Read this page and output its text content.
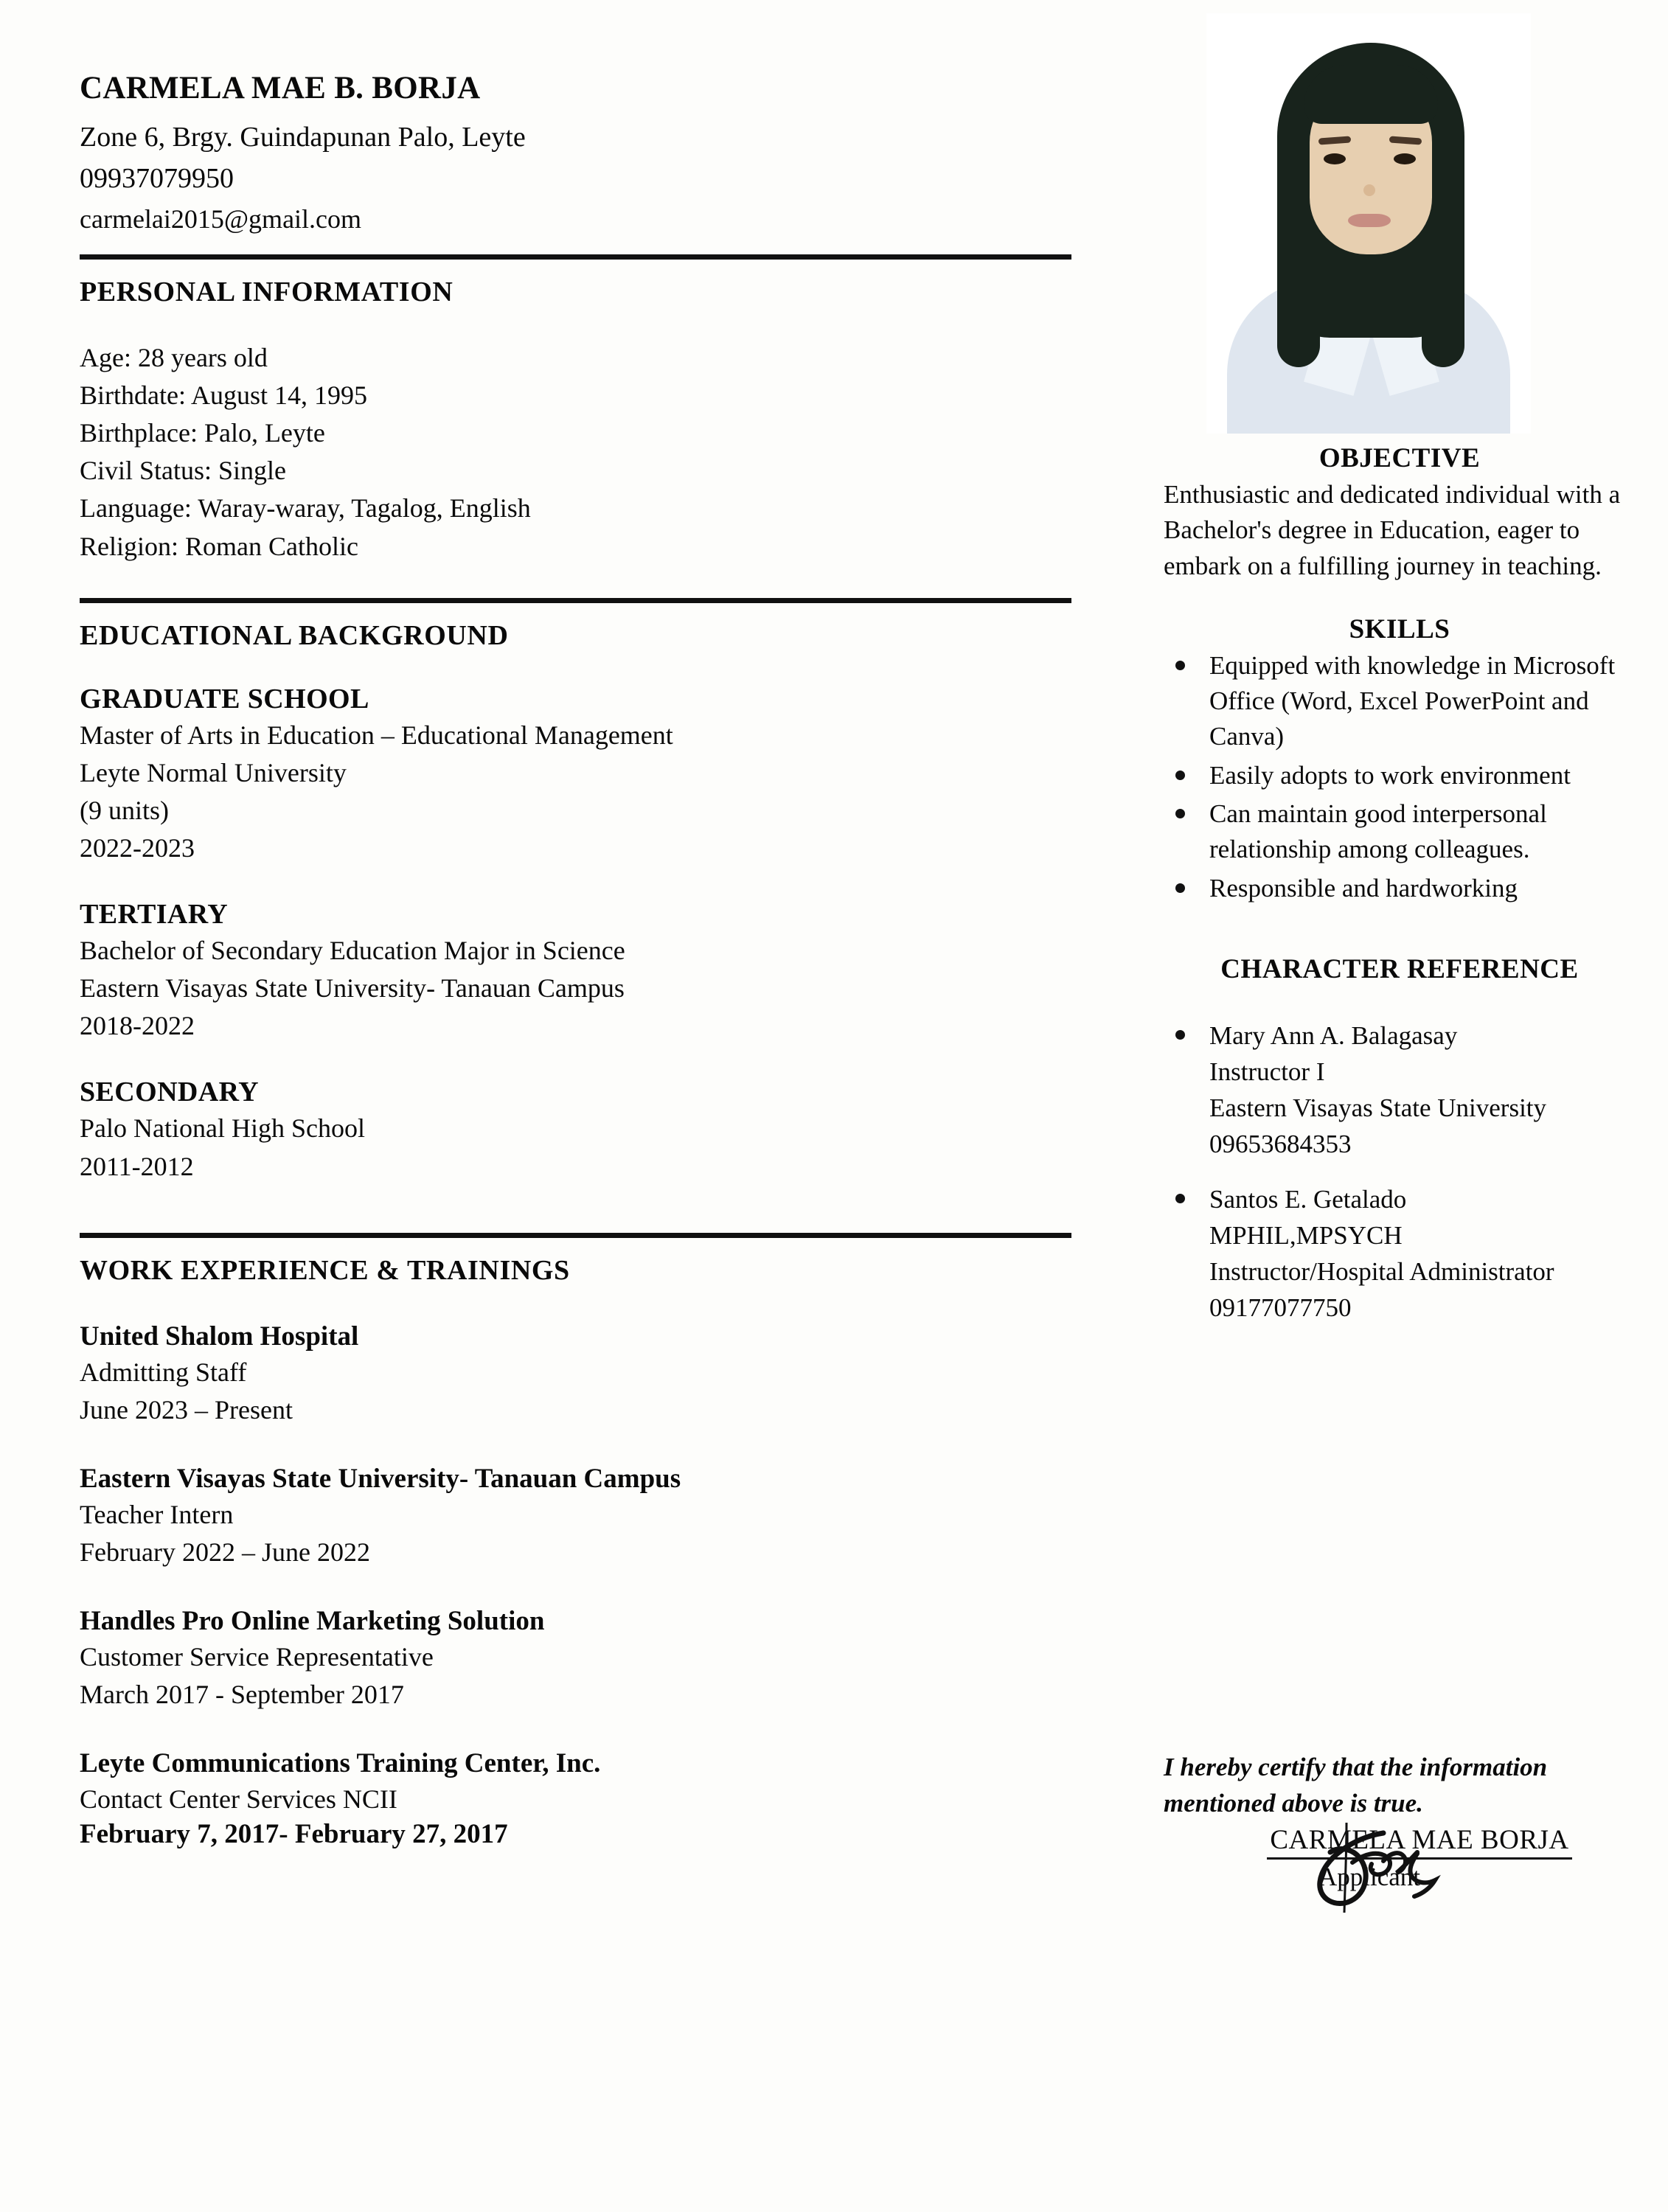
CARMELA MAE B. BORJA
Zone 6, Brgy. Guindapunan Palo, Leyte
09937079950
carmelai2015@gmail.com
PERSONAL INFORMATION
Age: 28 years old
Birthdate: August 14, 1995
Birthplace: Palo, Leyte
Civil Status: Single
Language: Waray-waray, Tagalog, English
Religion: Roman Catholic
EDUCATIONAL BACKGROUND
GRADUATE SCHOOL
Master of Arts in Education – Educational Management
Leyte Normal University
(9 units)
2022-2023
TERTIARY
Bachelor of Secondary Education Major in Science
Eastern Visayas State University- Tanauan Campus
2018-2022
SECONDARY
Palo National High School
2011-2012
WORK EXPERIENCE & TRAININGS
United Shalom Hospital
Admitting Staff
June 2023 – Present
Eastern Visayas State University- Tanauan Campus
Teacher Intern
February 2022 – June 2022
Handles Pro Online Marketing Solution
Customer Service Representative
March 2017 - September 2017
Leyte Communications Training Center, Inc.
Contact Center Services NCII
February 7, 2017- February 27, 2017
OBJECTIVE
Enthusiastic and dedicated individual with a Bachelor's degree in Education, eager to embark on a fulfilling journey in teaching.
SKILLS
Equipped with knowledge in Microsoft Office (Word, Excel PowerPoint and Canva)
Easily adopts to work environment
Can maintain good interpersonal relationship among colleagues.
Responsible and hardworking
CHARACTER REFERENCE
Mary Ann A. Balagasay
Instructor I
Eastern Visayas State University
09653684353
Santos E. Getalado
MPHIL,MPSYCH
Instructor/Hospital Administrator
09177077750
I hereby certify that the information mentioned above is true.
CARMELA MAE BORJA
Applicant
